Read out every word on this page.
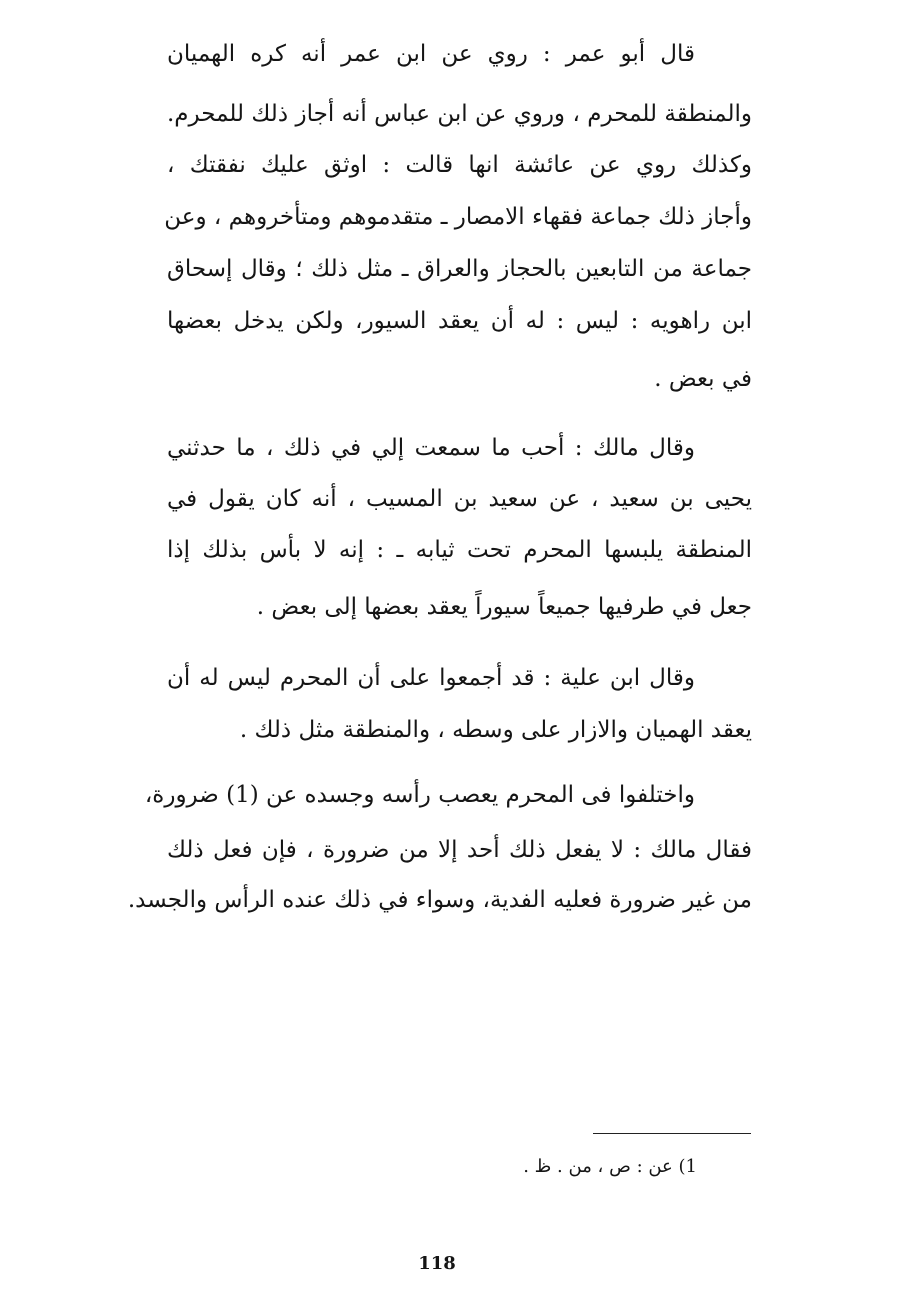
قال أبو عمر : روي عن ابن عمر أنه كره الهميان
والمنطقة للمحرم ، وروي عن ابن عباس أنه أجاز ذلك للمحرم.
وكذلك روي عن عائشة انها قالت : اوثق عليك نفقتك ،
وأجاز ذلك جماعة فقهاء الامصار ـ متقدموهم ومتأخروهم ، وعن
جماعة من التابعين بالحجاز والعراق ـ مثل ذلك ؛ وقال إسحاق
ابن راهويه : ليس : له أن يعقد السيور، ولكن يدخل بعضها
في بعض .
وقال مالك : أحب ما سمعت إلي في ذلك ، ما حدثني
يحيى بن سعيد ، عن سعيد بن المسيب ، أنه كان يقول في
المنطقة يلبسها المحرم تحت ثيابه ـ : إنه لا بأس بذلك إذا
جعل في طرفيها جميعاً سيوراً يعقد بعضها إلى بعض .
وقال ابن علية : قد أجمعوا على أن المحرم ليس له أن
يعقد الهميان والازار على وسطه ، والمنطقة مثل ذلك .
واختلفوا فى المحرم يعصب رأسه وجسده عن (1) ضرورة،
فقال مالك : لا يفعل ذلك أحد إلا من ضرورة ، فإن فعل ذلك
من غير ضرورة فعليه الفدية، وسواء في ذلك عنده الرأس والجسد.
1) عن : ص ، من . ظ .
118
